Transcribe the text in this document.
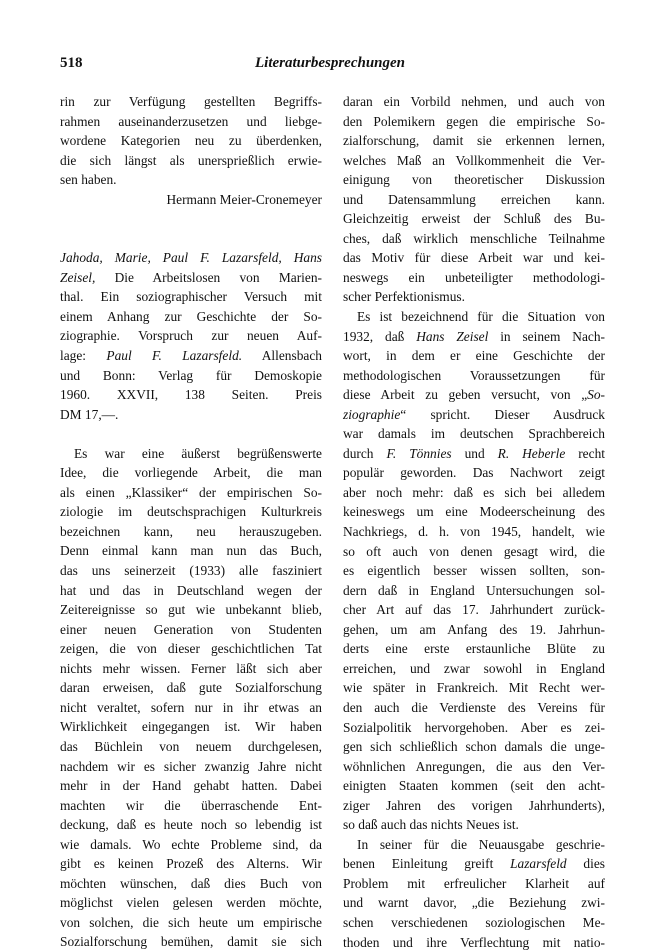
518	Literaturbesprechungen
rin zur Verfügung gestellten Begriffs-
rahmen auseinanderzusetzen und liebge-
wordene Kategorien neu zu überdenken,
die sich längst als unersprießlich erwie-
sen haben.
Hermann Meier-Cronemeyer
Jahoda, Marie, Paul F. Lazarsfeld, Hans
Zeisel, Die Arbeitslosen von Marien-
thal. Ein soziographischer Versuch mit
einem Anhang zur Geschichte der So-
ziographie. Vorspruch zur neuen Auf-
lage: Paul F. Lazarsfeld. Allensbach
und Bonn: Verlag für Demoskopie
1960. XXVII, 138 Seiten. Preis
DM 17,—.
Es war eine äußerst begrüßenswerte
Idee, die vorliegende Arbeit, die man
als einen „Klassiker“ der empirischen So-
ziologie im deutschsprachigen Kulturkreis
bezeichnen kann, neu herauszugeben.
Denn einmal kann man nun das Buch,
das uns seinerzeit (1933) alle fasziniert
hat und das in Deutschland wegen der
Zeitereignisse so gut wie unbekannt blieb,
einer neuen Generation von Studenten
zeigen, die von dieser geschichtlichen Tat
nichts mehr wissen. Ferner läßt sich aber
daran erweisen, daß gute Sozialforschung
nicht veraltet, sofern nur in ihr etwas an
Wirklichkeit eingegangen ist. Wir haben
das Büchlein von neuem durchgelesen,
nachdem wir es sicher zwanzig Jahre nicht
mehr in der Hand gehabt hatten. Dabei
machten wir die überraschende Ent-
deckung, daß es heute noch so lebendig ist
wie damals. Wo echte Probleme sind, da
gibt es keinen Prozeß des Alterns. Wir
möchten wünschen, daß dies Buch von
möglichst vielen gelesen werden möchte,
von solchen, die sich heute um empirische
Sozialforschung bemühen, damit sie sich
daran ein Vorbild nehmen, und auch von
den Polemikern gegen die empirische So-
zialforschung, damit sie erkennen lernen,
welches Maß an Vollkommenheit die Ver-
einigung von theoretischer Diskussion
und Datensammlung erreichen kann.
Gleichzeitig erweist der Schluß des Bu-
ches, daß wirklich menschliche Teilnahme
das Motiv für diese Arbeit war und kei-
neswegs ein unbeteiligter methodologi-
scher Perfektionismus.
Es ist bezeichnend für die Situation von
1932, daß Hans Zeisel in seinem Nach-
wort, in dem er eine Geschichte der
methodologischen Voraussetzungen für
diese Arbeit zu geben versucht, von „So-
ziographie“ spricht. Dieser Ausdruck
war damals im deutschen Sprachbereich
durch F. Tönnies und R. Heberle recht
populär geworden. Das Nachwort zeigt
aber noch mehr: daß es sich bei alledem
keineswegs um eine Modeerscheinung des
Nachkriegs, d. h. von 1945, handelt, wie
so oft auch von denen gesagt wird, die
es eigentlich besser wissen sollten, son-
dern daß in England Untersuchungen sol-
cher Art auf das 17. Jahrhundert zurück-
gehen, um am Anfang des 19. Jahrhun-
derts eine erste erstaunliche Blüte zu
erreichen, und zwar sowohl in England
wie später in Frankreich. Mit Recht wer-
den auch die Verdienste des Vereins für
Sozialpolitik hervorgehoben. Aber es zei-
gen sich schließlich schon damals die unge-
wöhnlichen Anregungen, die aus den Ver-
einigten Staaten kommen (seit den acht-
ziger Jahren des vorigen Jahrhunderts),
so daß auch das nichts Neues ist.
In seiner für die Neuausgabe geschrie-
benen Einleitung greift Lazarsfeld dies
Problem mit erfreulicher Klarheit auf
und warnt davor, „die Beziehung zwi-
schen verschiedenen soziologischen Me-
thoden und ihre Verflechtung mit natio-
